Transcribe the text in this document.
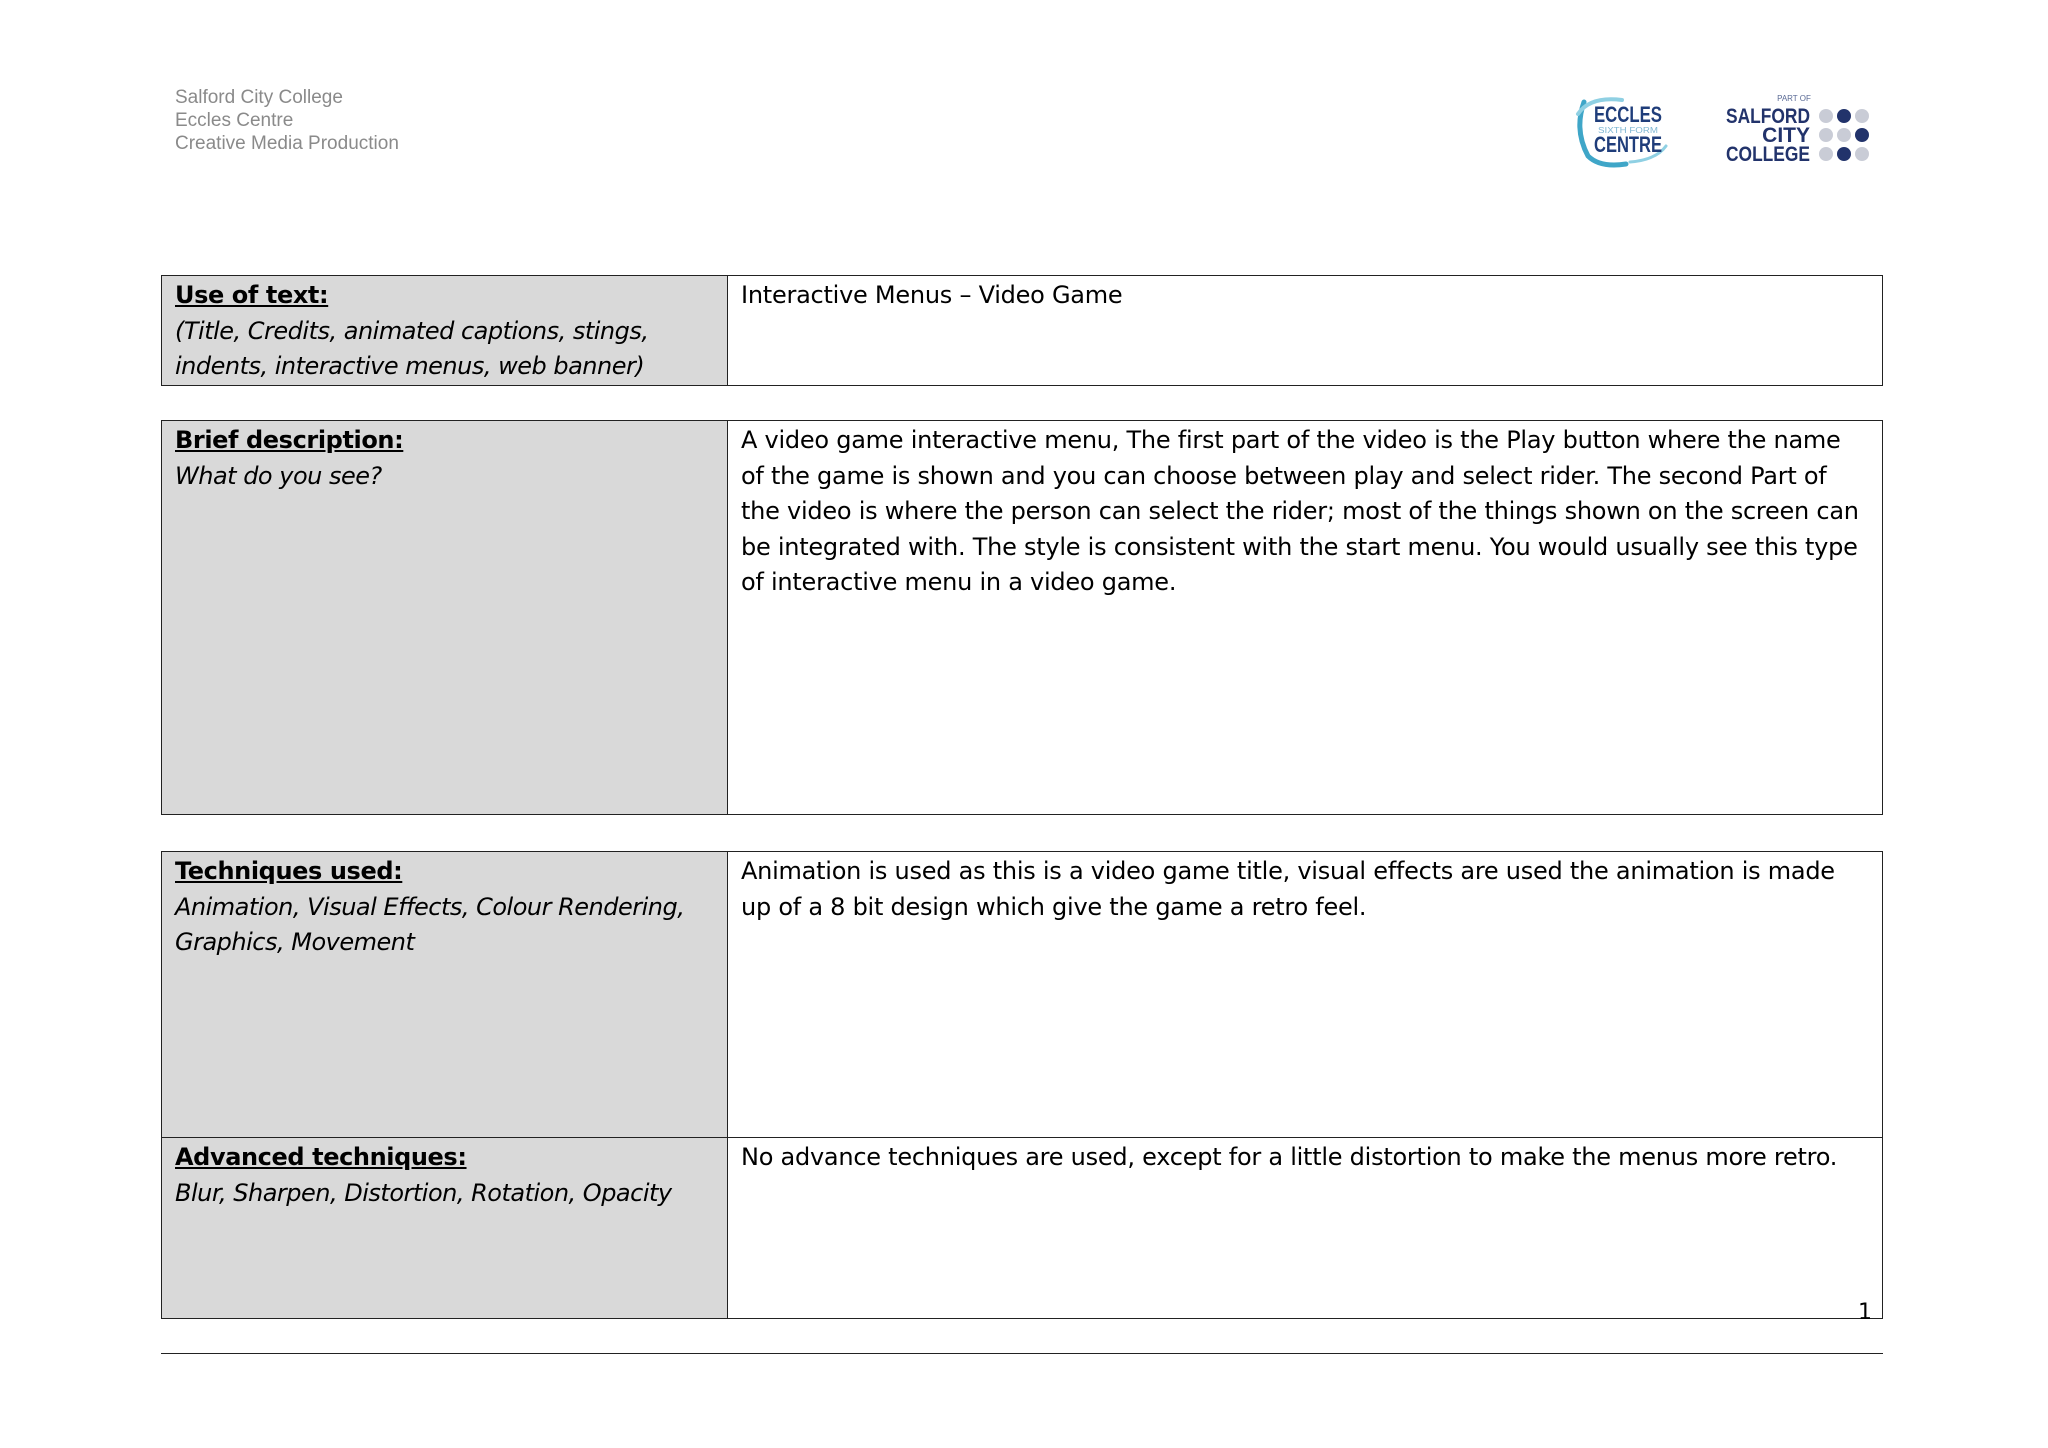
Salford City College
Eccles Centre
Creative Media Production
ECCLES
SIXTH FORM
CENTRE
PART OF
SALFORD
CITY
COLLEGE
Use of text:
(Title, Credits, animated captions, stings, indents, interactive menus, web banner)
	Interactive Menus – Video Game
Brief description:
What do you see?
	A video game interactive menu, The first part of the video is the Play button where the name of the game is shown and you can choose between play and select rider. The second Part of the video is where the person can select the rider; most of the things shown on the screen can be integrated with. The style is consistent with the start menu. You would usually see this type of interactive menu in a video game.
Techniques used:
Animation, Visual Effects, Colour Rendering, Graphics, Movement	Animation is used as this is a video game title, visual effects are used the animation is made up of a 8 bit design which give the game a retro feel.

Advanced techniques:
Blur, Sharpen, Distortion, Rotation, Opacity	No advance techniques are used, except for a little distortion to make the menus more retro.
1
